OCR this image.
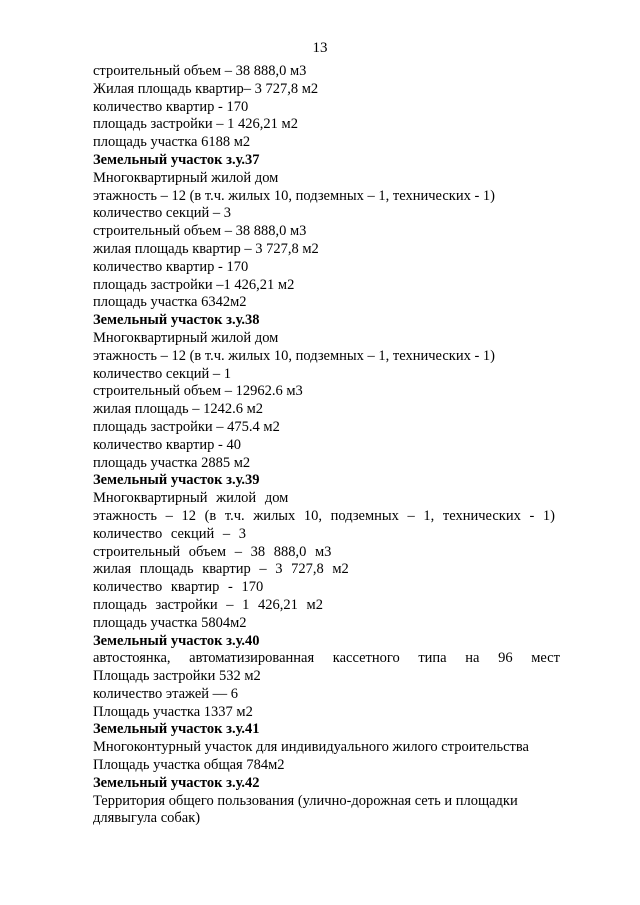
13
строительный объем – 38 888,0 м3
Жилая площадь квартир– 3 727,8 м2
количество квартир - 170
площадь застройки – 1 426,21 м2
площадь участка 6188 м2
Земельный участок з.у.37
Многоквартирный жилой дом
этажность – 12 (в т.ч. жилых 10, подземных – 1, технических - 1)
количество секций – 3
строительный объем – 38 888,0 м3
жилая площадь квартир – 3 727,8 м2
количество квартир - 170
площадь застройки –1 426,21 м2
площадь участка 6342м2
Земельный участок з.у.38
Многоквартирный жилой дом
этажность – 12 (в т.ч. жилых 10, подземных – 1, технических - 1)
количество секций – 1
строительный объем – 12962.6 м3
жилая площадь – 1242.6 м2
площадь застройки – 475.4 м2
количество квартир - 40
площадь участка 2885 м2
Земельный участок з.у.39
Многоквартирный жилой дом
этажность – 12 (в т.ч. жилых 10, подземных – 1, технических - 1)
количество секций – 3
строительный объем – 38 888,0 м3
жилая площадь квартир – 3 727,8 м2
количество квартир - 170
площадь застройки – 1 426,21 м2
площадь участка 5804м2
Земельный участок з.у.40
автостоянка, автоматизированная кассетного типа на 96 мест
Площадь застройки 532 м2
количество этажей — 6
Площадь участка 1337 м2
Земельный участок з.у.41
Многоконтурный участок для индивидуального жилого строительства
Площадь участка общая 784м2
Земельный участок з.у.42
Территория общего пользования (улично-дорожная сеть и площадки длявыгула собак)
